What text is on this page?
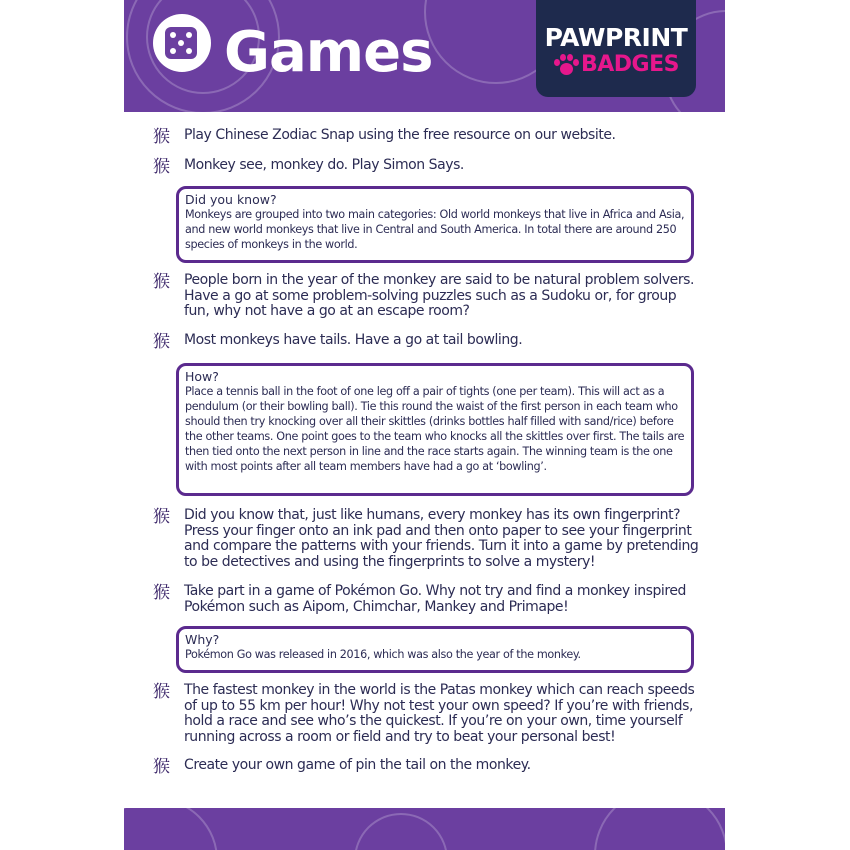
Games	PAWPRINT
BADGES
猴 Play Chinese Zodiac Snap using the free resource on our website.
猴 Monkey see, monkey do. Play Simon Says.
Did you know?
Monkeys are grouped into two main categories: Old world monkeys that live in Africa and Asia, and new world monkeys that live in Central and South America. In total there are around 250 species of monkeys in the world.
猴 People born in the year of the monkey are said to be natural problem solvers. Have a go at some problem-solving puzzles such as a Sudoku or, for group fun, why not have a go at an escape room?
猴 Most monkeys have tails. Have a go at tail bowling.
How?
Place a tennis ball in the foot of one leg off a pair of tights (one per team). This will act as a pendulum (or their bowling ball). Tie this round the waist of the first person in each team who should then try knocking over all their skittles (drinks bottles half filled with sand/rice) before the other teams. One point goes to the team who knocks all the skittles over first. The tails are then tied onto the next person in line and the race starts again. The winning team is the one with most points after all team members have had a go at ‘bowling’.
猴 Did you know that, just like humans, every monkey has its own fingerprint? Press your finger onto an ink pad and then onto paper to see your fingerprint and compare the patterns with your friends. Turn it into a game by pretending to be detectives and using the fingerprints to solve a mystery!
猴 Take part in a game of Pokémon Go. Why not try and find a monkey inspired Pokémon such as Aipom, Chimchar, Mankey and Primape!
Why?
Pokémon Go was released in 2016, which was also the year of the monkey.
猴 The fastest monkey in the world is the Patas monkey which can reach speeds of up to 55 km per hour! Why not test your own speed? If you’re with friends, hold a race and see who’s the quickest. If you’re on your own, time yourself running across a room or field and try to beat your personal best!
猴 Create your own game of pin the tail on the monkey.
